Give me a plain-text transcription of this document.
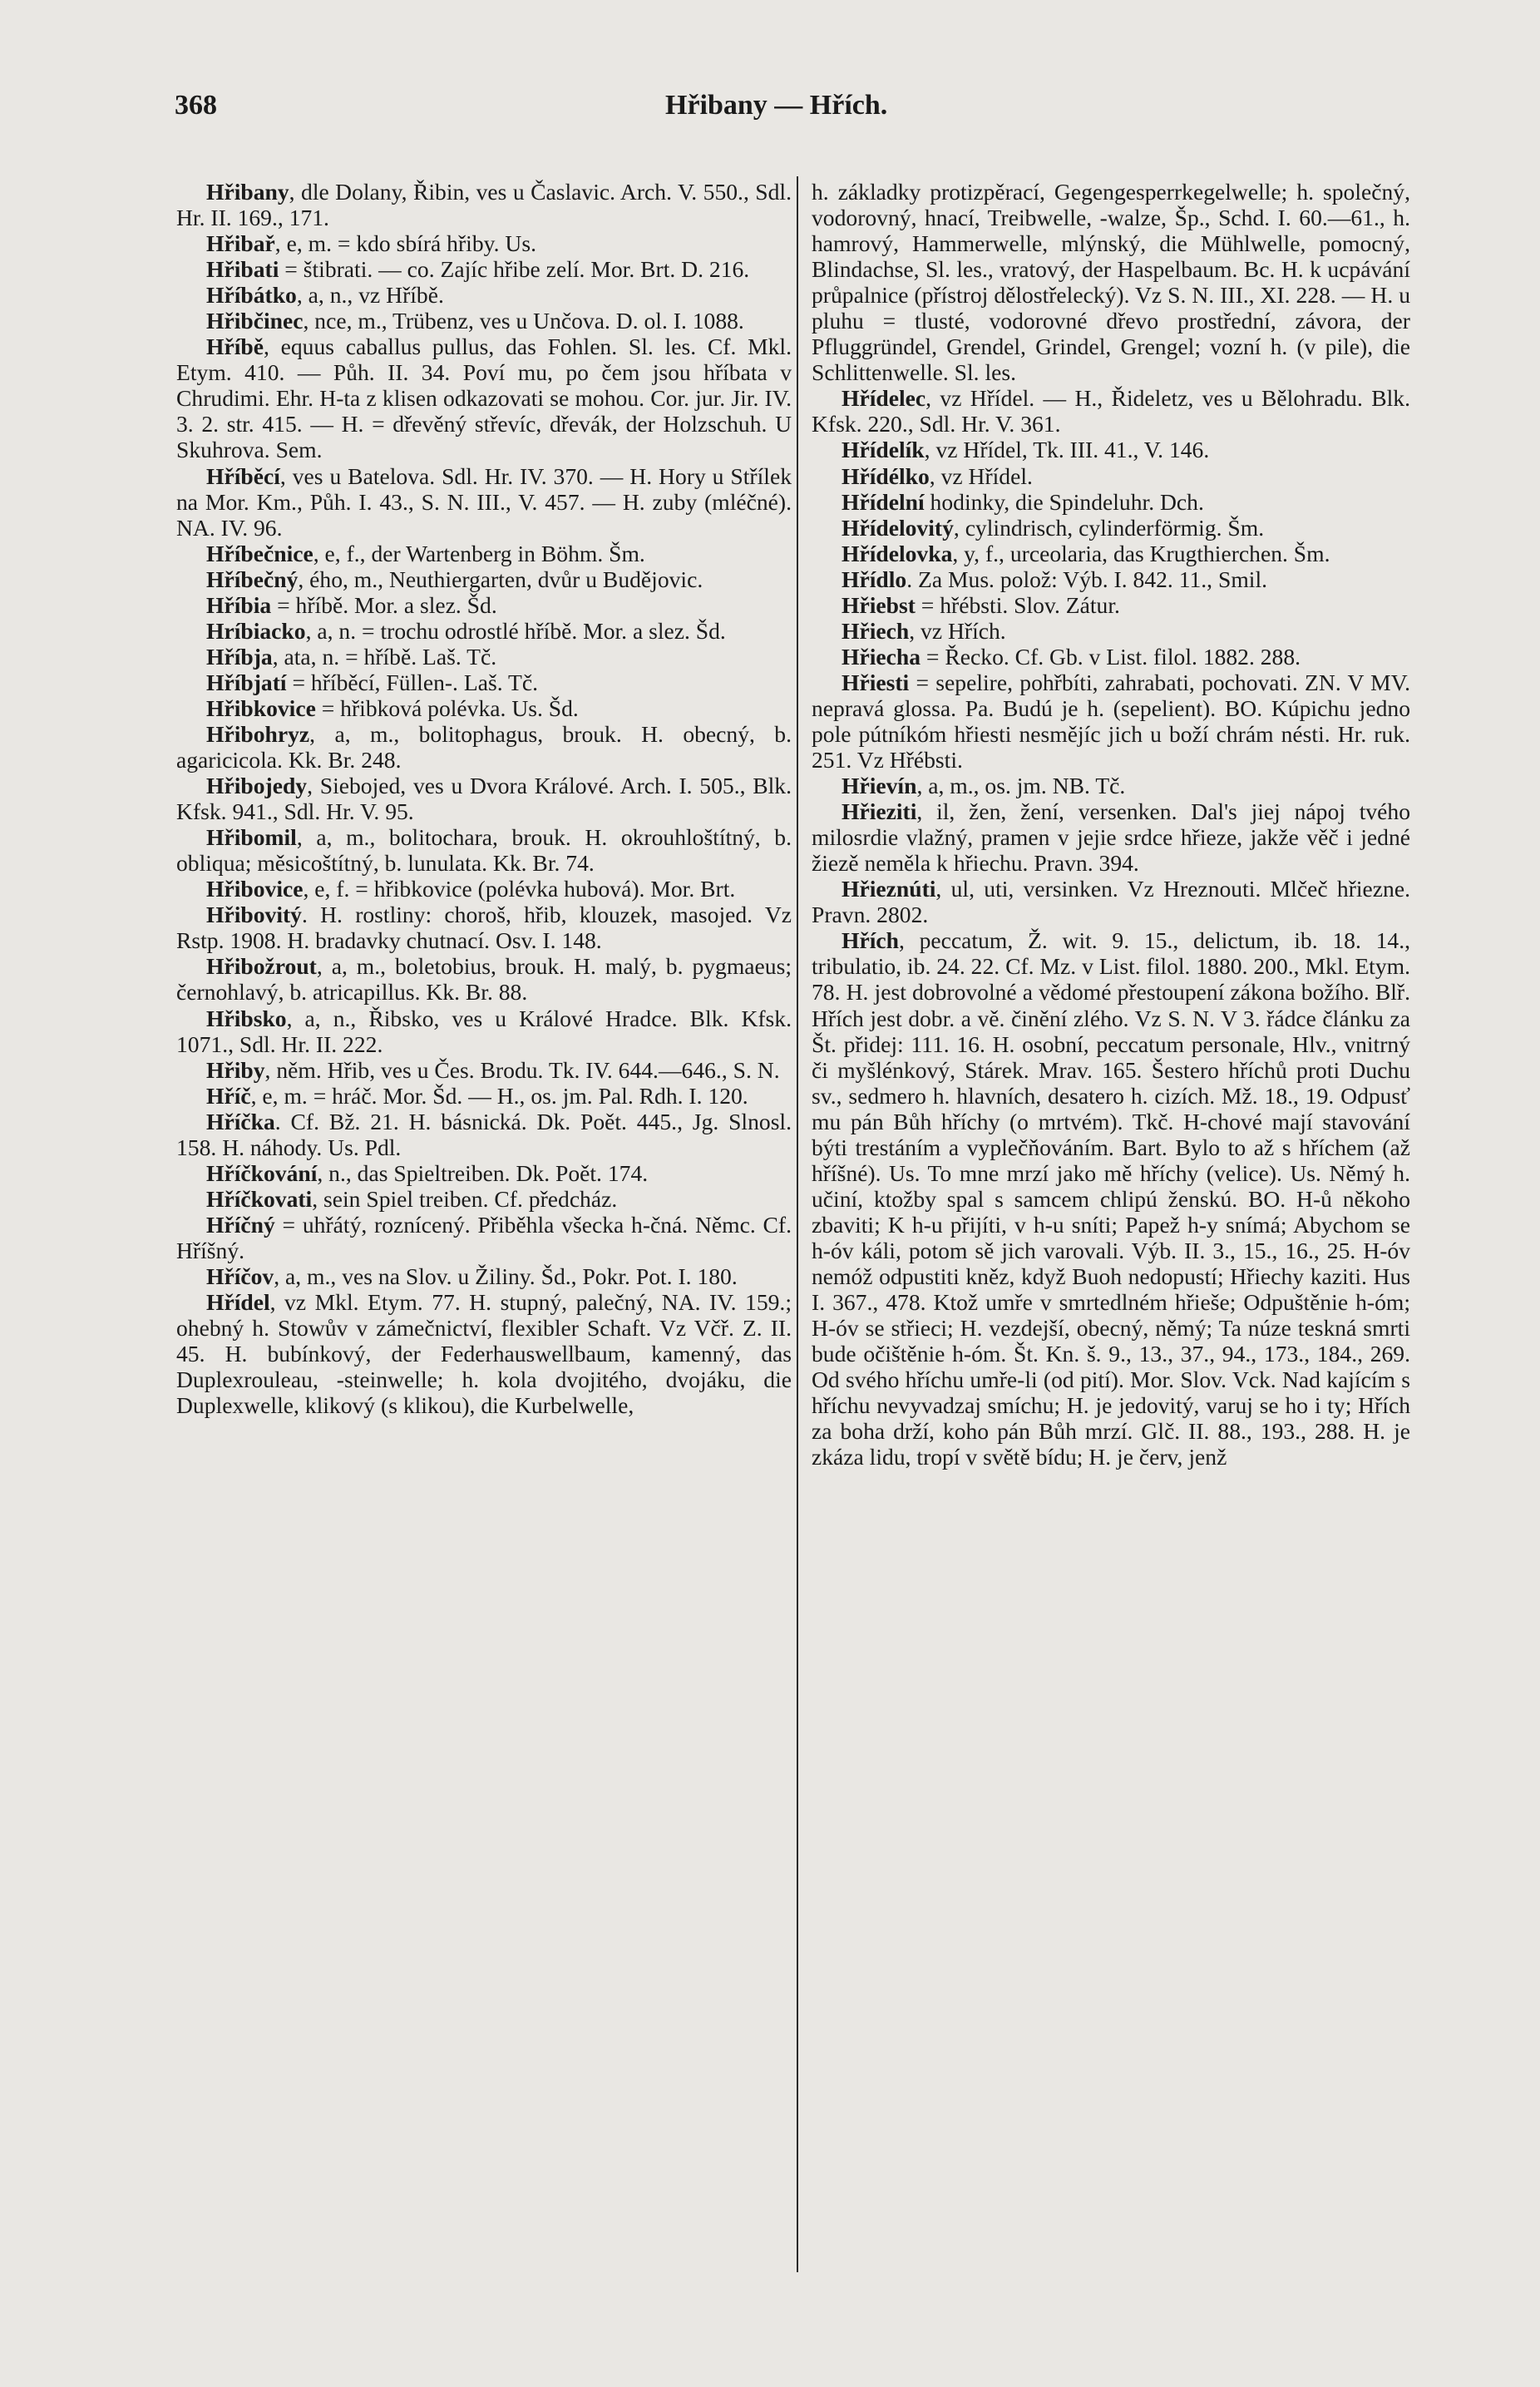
368	Hřibany — Hřích.

Hřibany, dle Dolany, Řibin, ves u Časlavic. Arch. V. 550., Sdl. Hr. II. 169., 171.

Hřibař, e, m. = kdo sbírá hřiby. Us.

Hřibati = štibrati. — co. Zajíc hřibe zelí. Mor. Brt. D. 216.

Hříbátko, a, n., vz Hříbě.

Hřibčinec, nce, m., Trübenz, ves u Unčova. D. ol. I. 1088.

Hříbě, equus caballus pullus, das Fohlen. Sl. les. Cf. Mkl. Etym. 410. — Půh. II. 34. Poví mu, po čem jsou hříbata v Chrudimi. Ehr. H-ta z klisen odkazovati se mohou. Cor. jur. Jir. IV. 3. 2. str. 415. — H. = dřevěný střevíc, dřevák, der Holzschuh. U Skuhrova. Sem.

Hříběcí, ves u Batelova. Sdl. Hr. IV. 370. — H. Hory u Střílek na Mor. Km., Půh. I. 43., S. N. III., V. 457. — H. zuby (mléčné). NA. IV. 96.

Hříbečnice, e, f., der Wartenberg in Böhm. Šm.

Hříbečný, ého, m., Neuthiergarten, dvůr u Budějovic.

Hříbia = hříbě. Mor. a slez. Šd.

Hríbiacko, a, n. = trochu odrostlé hříbě. Mor. a slez. Šd.

Hříbja, ata, n. = hříbě. Laš. Tč.

Hříbjatí = hříběcí, Füllen-. Laš. Tč.

Hřibkovice = hřibková polévka. Us. Šd.

Hřibohryz, a, m., bolitophagus, brouk. H. obecný, b. agaricicola. Kk. Br. 248.

Hřibojedy, Siebojed, ves u Dvora Králové. Arch. I. 505., Blk. Kfsk. 941., Sdl. Hr. V. 95.

Hřibomil, a, m., bolitochara, brouk. H. okrouhloštítný, b. obliqua; měsicoštítný, b. lunulata. Kk. Br. 74.

Hřibovice, e, f. = hřibkovice (polévka hubová). Mor. Brt.

Hřibovitý. H. rostliny: choroš, hřib, klouzek, masojed. Vz Rstp. 1908. H. bradavky chutnací. Osv. I. 148.

Hřibožrout, a, m., boletobius, brouk. H. malý, b. pygmaeus; černohlavý, b. atricapillus. Kk. Br. 88.

Hřibsko, a, n., Řibsko, ves u Králové Hradce. Blk. Kfsk. 1071., Sdl. Hr. II. 222.

Hřiby, něm. Hřib, ves u Čes. Brodu. Tk. IV. 644.—646., S. N.

Hříč, e, m. = hráč. Mor. Šd. — H., os. jm. Pal. Rdh. I. 120.

Hříčka. Cf. Bž. 21. H. básnická. Dk. Poět. 445., Jg. Slnosl. 158. H. náhody. Us. Pdl.

Hříčkování, n., das Spieltreiben. Dk. Poět. 174.

Hříčkovati, sein Spiel treiben. Cf. předcház.

Hříčný = uhřátý, roznícený. Přiběhla všecka h-čná. Němc. Cf. Hříšný.

Hříčov, a, m., ves na Slov. u Žiliny. Šd., Pokr. Pot. I. 180.

Hřídel, vz Mkl. Etym. 77. H. stupný, palečný, NA. IV. 159.; ohebný h. Stowův v zámečnictví, flexibler Schaft. Vz Včř. Z. II. 45. H. bubínkový, der Federhauswellbaum, kamenný, das Duplexrouleau, -steinwelle; h. kola dvojitého, dvojáku, die Duplexwelle, klikový (s klikou), die Kurbelwelle,

h. základky protizpěrací, Gegengesperrkegelwelle; h. společný, vodorovný, hnací, Treibwelle, -walze, Šp., Schd. I. 60.—61., h. hamrový, Hammerwelle, mlýnský, die Mühlwelle, pomocný, Blindachse, Sl. les., vratový, der Haspelbaum. Bc. H. k ucpávání průpalnice (přístroj dělostřelecký). Vz S. N. III., XI. 228. — H. u pluhu = tlusté, vodorovné dřevo prostřední, závora, der Pfluggründel, Grendel, Grindel, Grengel; vozní h. (v pile), die Schlittenwelle. Sl. les.

Hřídelec, vz Hřídel. — H., Řideletz, ves u Bělohradu. Blk. Kfsk. 220., Sdl. Hr. V. 361.

Hřídelík, vz Hřídel, Tk. III. 41., V. 146.

Hřídélko, vz Hřídel.

Hřídelní hodinky, die Spindeluhr. Dch.

Hřídelovitý, cylindrisch, cylinderförmig. Šm.

Hřídelovka, y, f., urceolaria, das Krugthierchen. Šm.

Hřídlo. Za Mus. polož: Výb. I. 842. 11., Smil.

Hřiebst = hřébsti. Slov. Zátur.

Hřiech, vz Hřích.

Hřiecha = Řecko. Cf. Gb. v List. filol. 1882. 288.

Hřiesti = sepelire, pohřbíti, zahrabati, pochovati. ZN. V MV. nepravá glossa. Pa. Budú je h. (sepelient). BO. Kúpichu jedno pole pútníkóm hřiesti nesmějíc jich u boží chrám nésti. Hr. ruk. 251. Vz Hřébsti.

Hřievín, a, m., os. jm. NB. Tč.

Hřieziti, il, žen, žení, versenken. Dal's jiej nápoj tvého milosrdie vlažný, pramen v jejie srdce hřieze, jakže věč i jedné žiezě neměla k hřiechu. Pravn. 394.

Hřieznúti, ul, uti, versinken. Vz Hreznouti. Mlčeč hřiezne. Pravn. 2802.

Hřích, peccatum, Ž. wit. 9. 15., delictum, ib. 18. 14., tribulatio, ib. 24. 22. Cf. Mz. v List. filol. 1880. 200., Mkl. Etym. 78. H. jest dobrovolné a vědomé přestoupení zákona božího. Blř. Hřích jest dobr. a vě. činění zlého. Vz S. N. V 3. řádce článku za Št. přidej: 111. 16. H. osobní, peccatum personale, Hlv., vnitrný či myšlénkový, Stárek. Mrav. 165. Šestero hříchů proti Duchu sv., sedmero h. hlavních, desatero h. cizích. Mž. 18., 19. Odpusť mu pán Bůh hříchy (o mrtvém). Tkč. H-chové mají stavování býti trestáním a vyplečňováním. Bart. Bylo to až s hříchem (až hříšné). Us. To mne mrzí jako mě hříchy (velice). Us. Němý h. učiní, ktožby spal s samcem chlipú ženskú. BO. H-ů někoho zbaviti; K h-u přijíti, v h-u sníti; Papež h-y snímá; Abychom se h-óv káli, potom sě jich varovali. Výb. II. 3., 15., 16., 25. H-óv nemóž odpustiti kněz, když Buoh nedopustí; Hřiechy kaziti. Hus I. 367., 478. Ktož umře v smrtedlném hřieše; Odpuštěnie h-óm; H-óv se střieci; H. vezdejší, obecný, němý; Ta núze teskná smrti bude očištěnie h-óm. Št. Kn. š. 9., 13., 37., 94., 173., 184., 269. Od svého hříchu umře-li (od pití). Mor. Slov. Vck. Nad kajícím s hříchu nevyvadzaj smíchu; H. je jedovitý, varuj se ho i ty; Hřích za boha drží, koho pán Bůh mrzí. Glč. II. 88., 193., 288. H. je zkáza lidu, tropí v světě bídu; H. je červ, jenž
